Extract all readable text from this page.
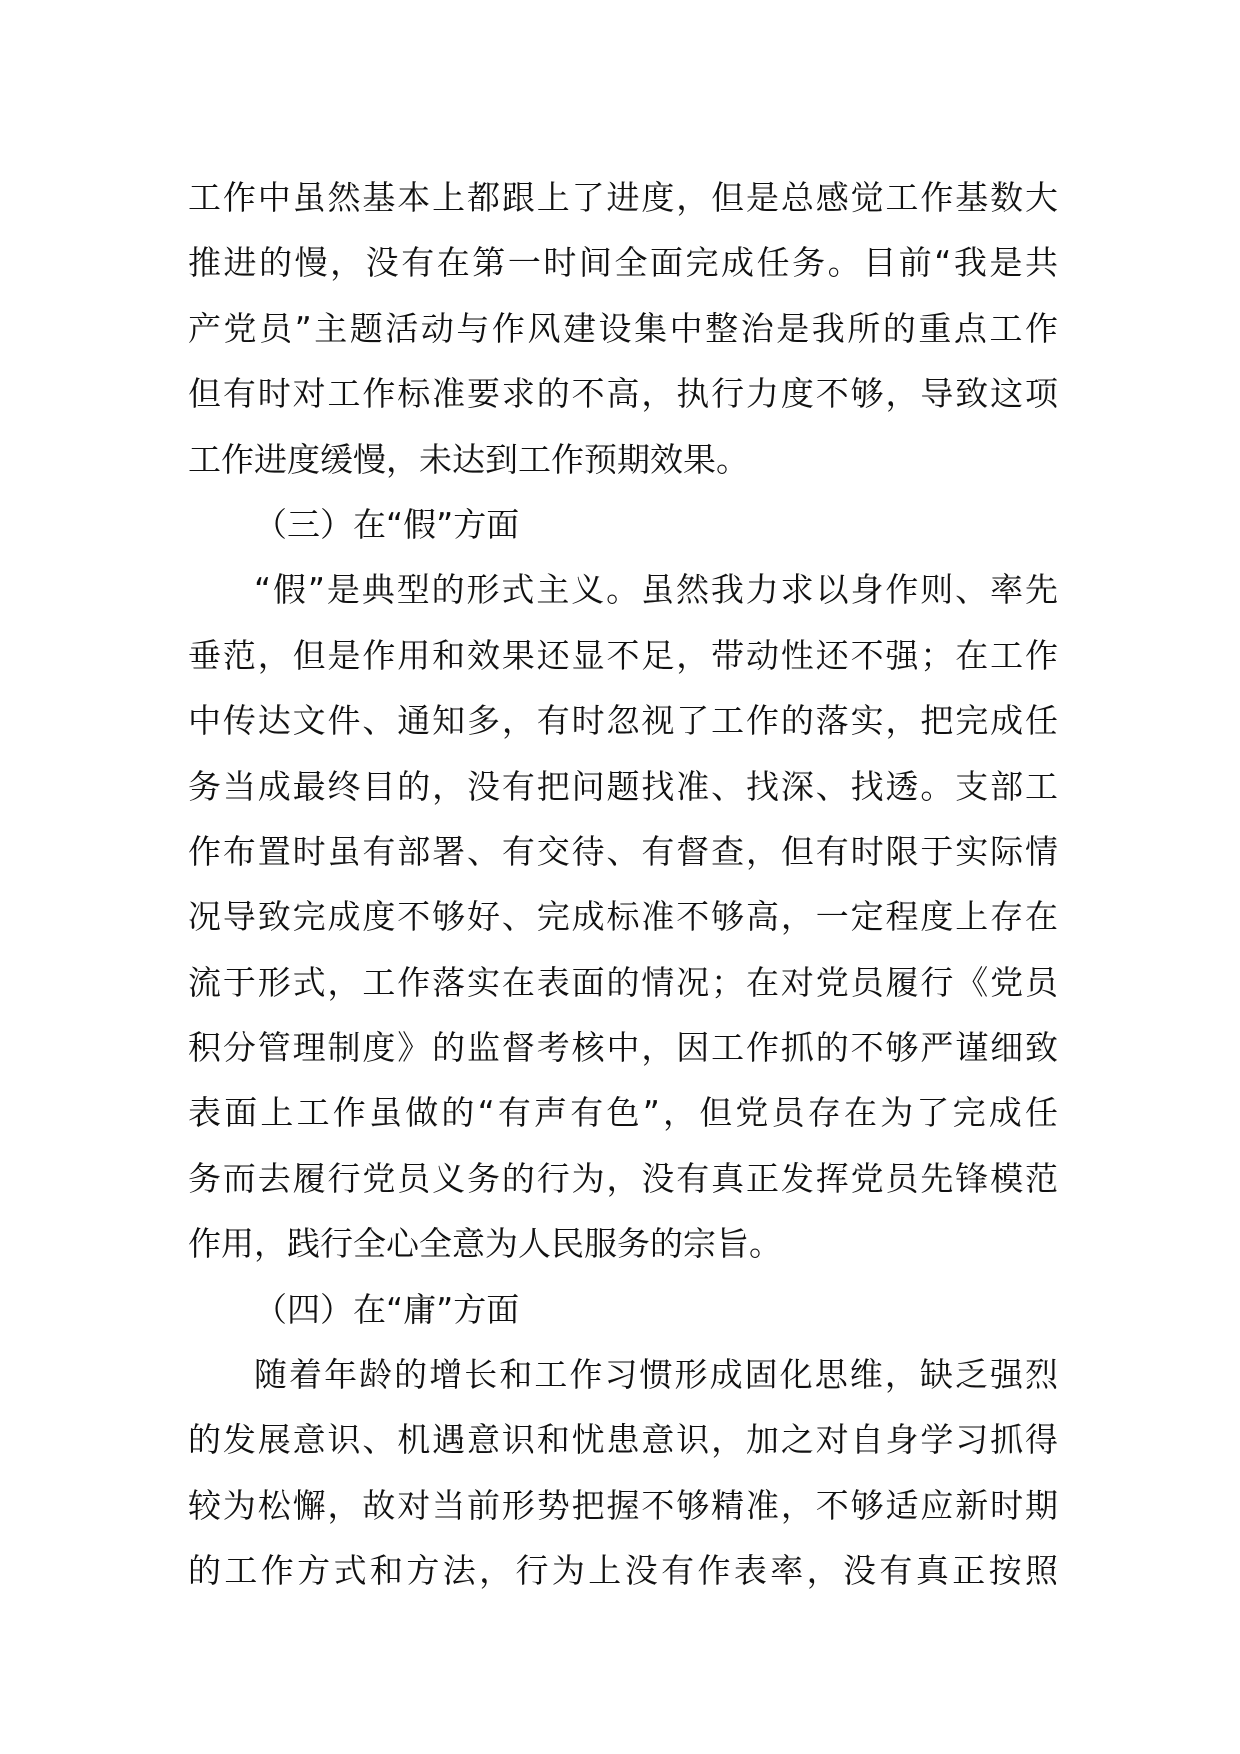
工作中虽然基本上都跟上了进度，但是总感觉工作基数大
推进的慢，没有在第一时间全面完成任务。目前“我是共
产党员”主题活动与作风建设集中整治是我所的重点工作
但有时对工作标准要求的不高，执行力度不够，导致这项
工作进度缓慢，未达到工作预期效果。
（三）在“假”方面
“假”是典型的形式主义。虽然我力求以身作则、率先
垂范，但是作用和效果还显不足，带动性还不强；在工作
中传达文件、通知多，有时忽视了工作的落实，把完成任
务当成最终目的，没有把问题找准、找深、找透。支部工
作布置时虽有部署、有交待、有督查，但有时限于实际情
况导致完成度不够好、完成标准不够高，一定程度上存在
流于形式，工作落实在表面的情况；在对党员履行《党员
积分管理制度》的监督考核中，因工作抓的不够严谨细致
表面上工作虽做的“有声有色”，但党员存在为了完成任
务而去履行党员义务的行为，没有真正发挥党员先锋模范
作用，践行全心全意为人民服务的宗旨。
（四）在“庸”方面
随着年龄的增长和工作习惯形成固化思维，缺乏强烈
的发展意识、机遇意识和忧患意识，加之对自身学习抓得
较为松懈，故对当前形势把握不够精准，不够适应新时期
的工作方式和方法，行为上没有作表率，没有真正按照
